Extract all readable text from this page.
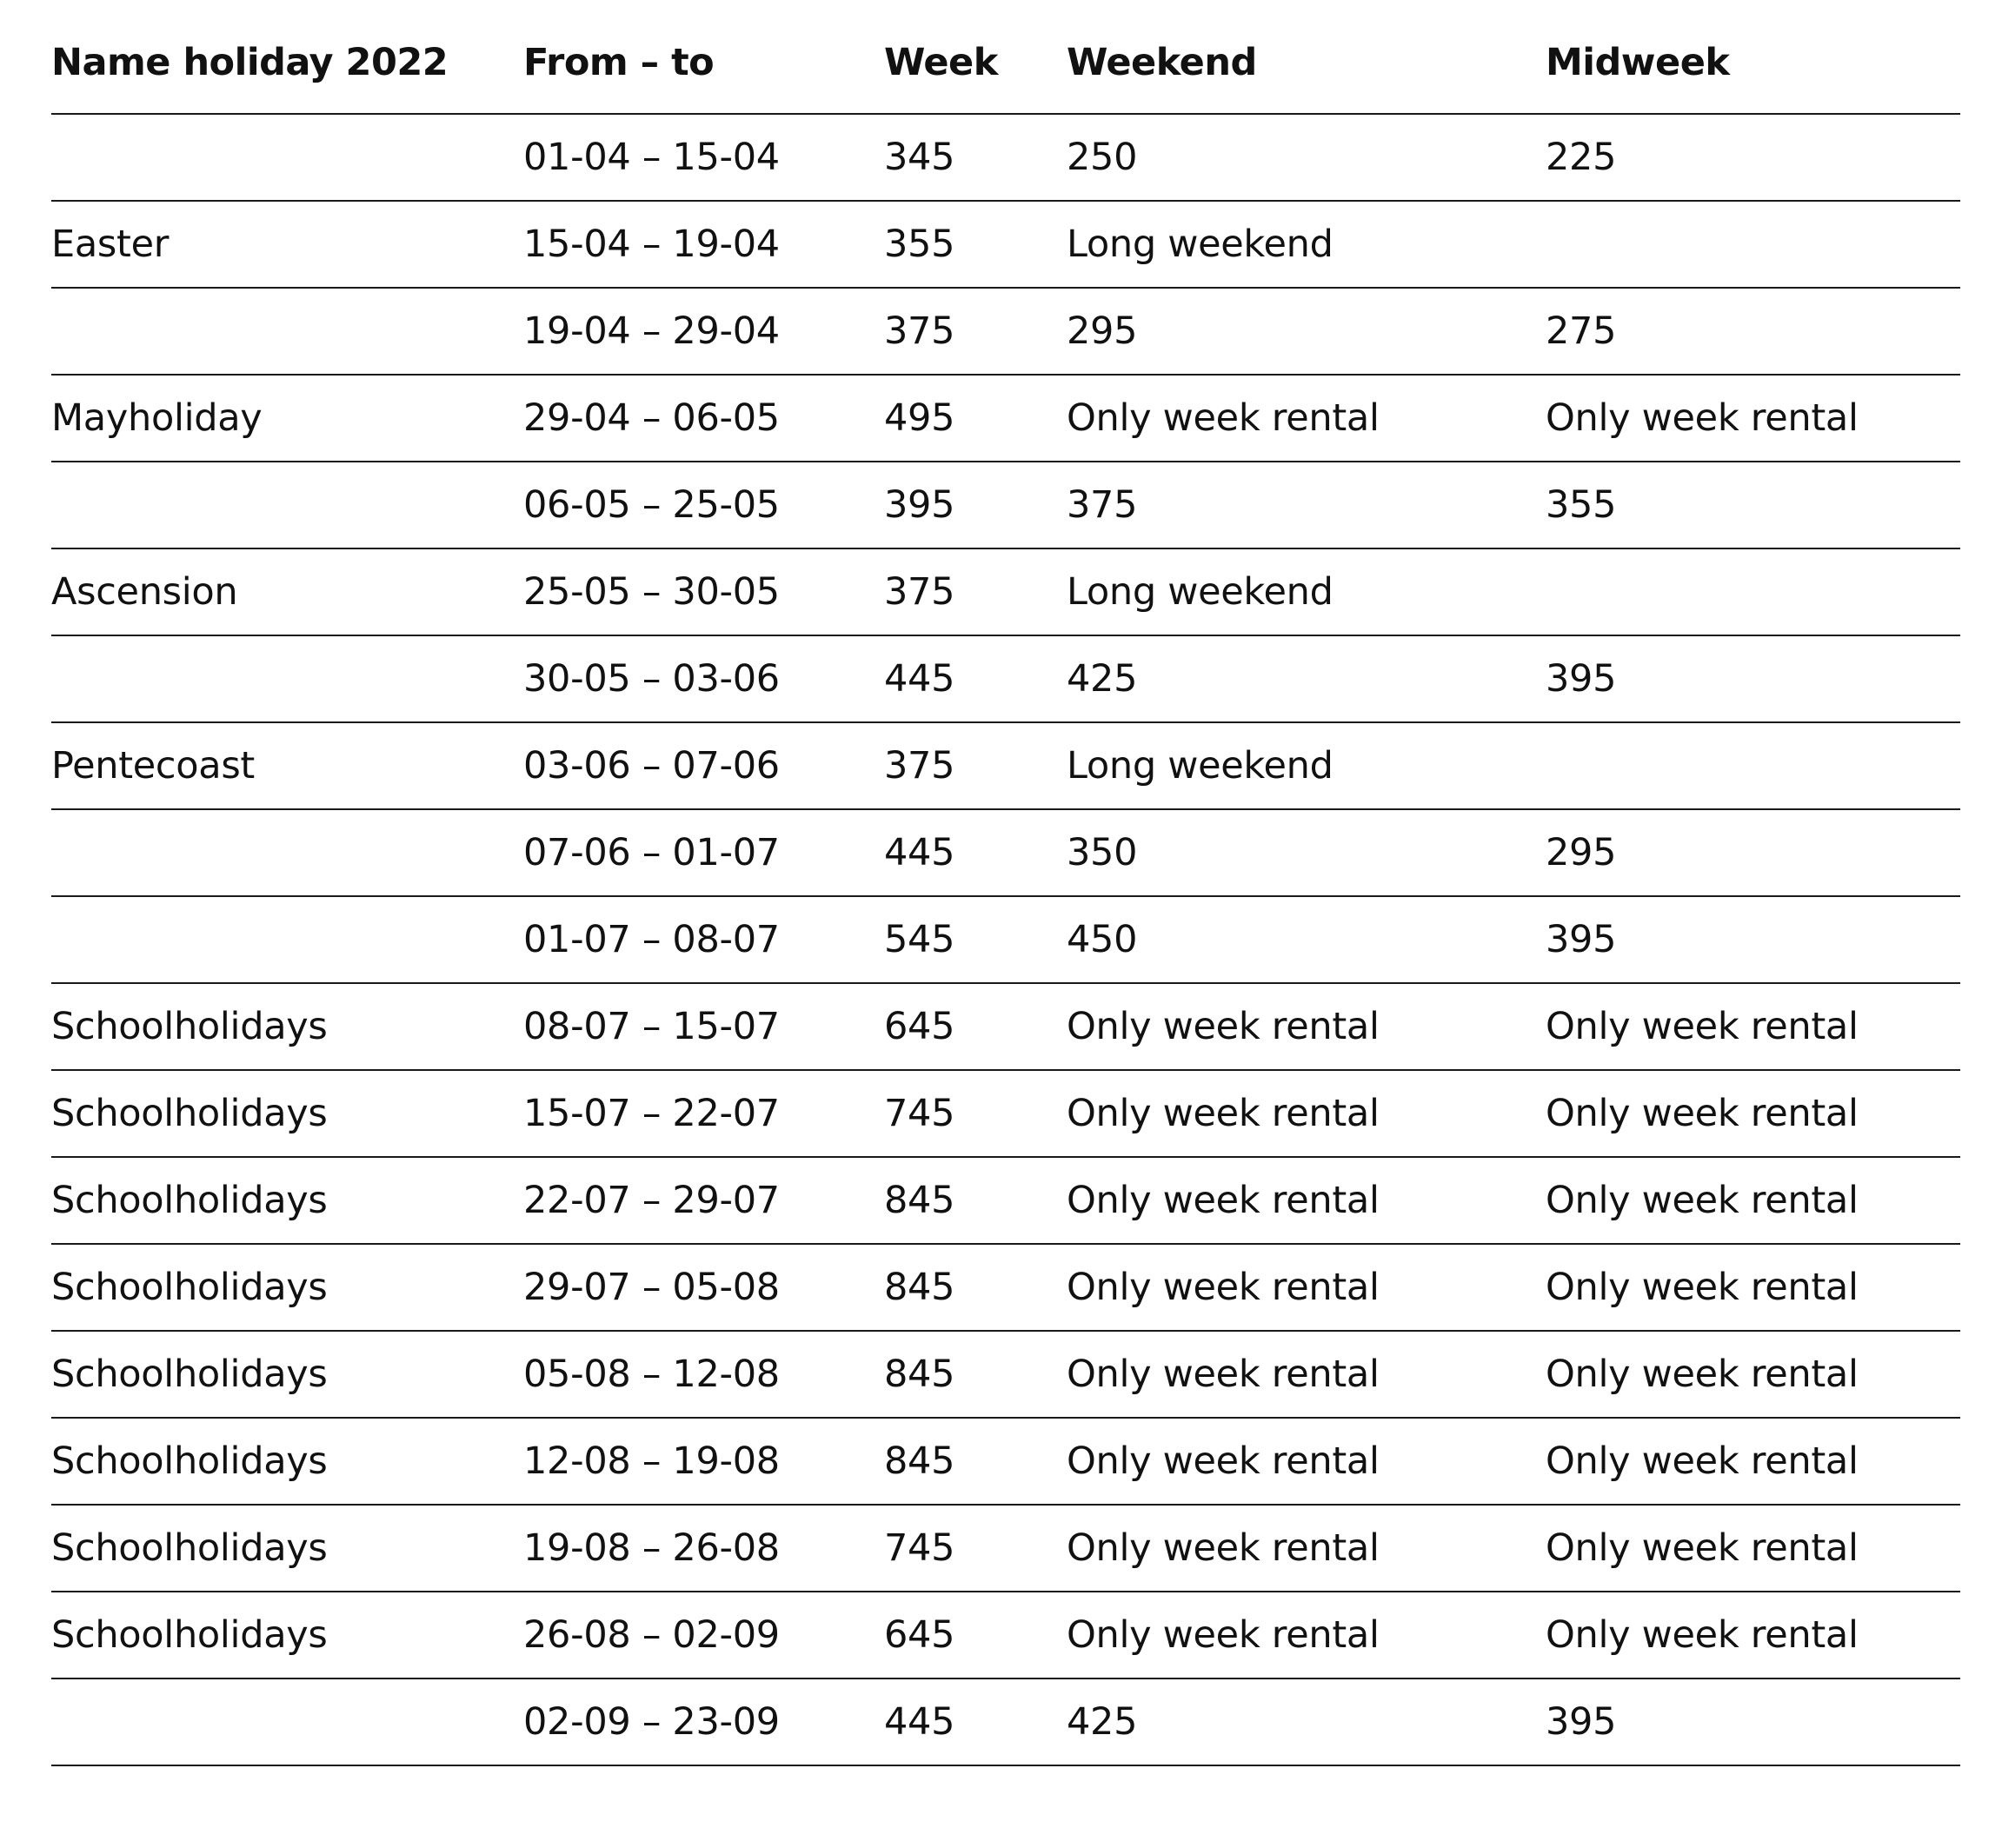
Name holiday 2022	From – to	Week	Weekend	Midweek
	01-04 – 15-04	345	250	225
Easter	15-04 – 19-04	355	Long weekend	
	19-04 – 29-04	375	295	275
Mayholiday	29-04 – 06-05	495	Only week rental	Only week rental
	06-05 – 25-05	395	375	355
Ascension	25-05 – 30-05	375	Long weekend	
	30-05 – 03-06	445	425	395
Pentecoast	03-06 – 07-06	375	Long weekend	
	07-06 – 01-07	445	350	295
	01-07 – 08-07	545	450	395
Schoolholidays	08-07 – 15-07	645	Only week rental	Only week rental
Schoolholidays	15-07 – 22-07	745	Only week rental	Only week rental
Schoolholidays	22-07 – 29-07	845	Only week rental	Only week rental
Schoolholidays	29-07 – 05-08	845	Only week rental	Only week rental
Schoolholidays	05-08 – 12-08	845	Only week rental	Only week rental
Schoolholidays	12-08 – 19-08	845	Only week rental	Only week rental
Schoolholidays	19-08 – 26-08	745	Only week rental	Only week rental
Schoolholidays	26-08 – 02-09	645	Only week rental	Only week rental
	02-09 – 23-09	445	425	395
